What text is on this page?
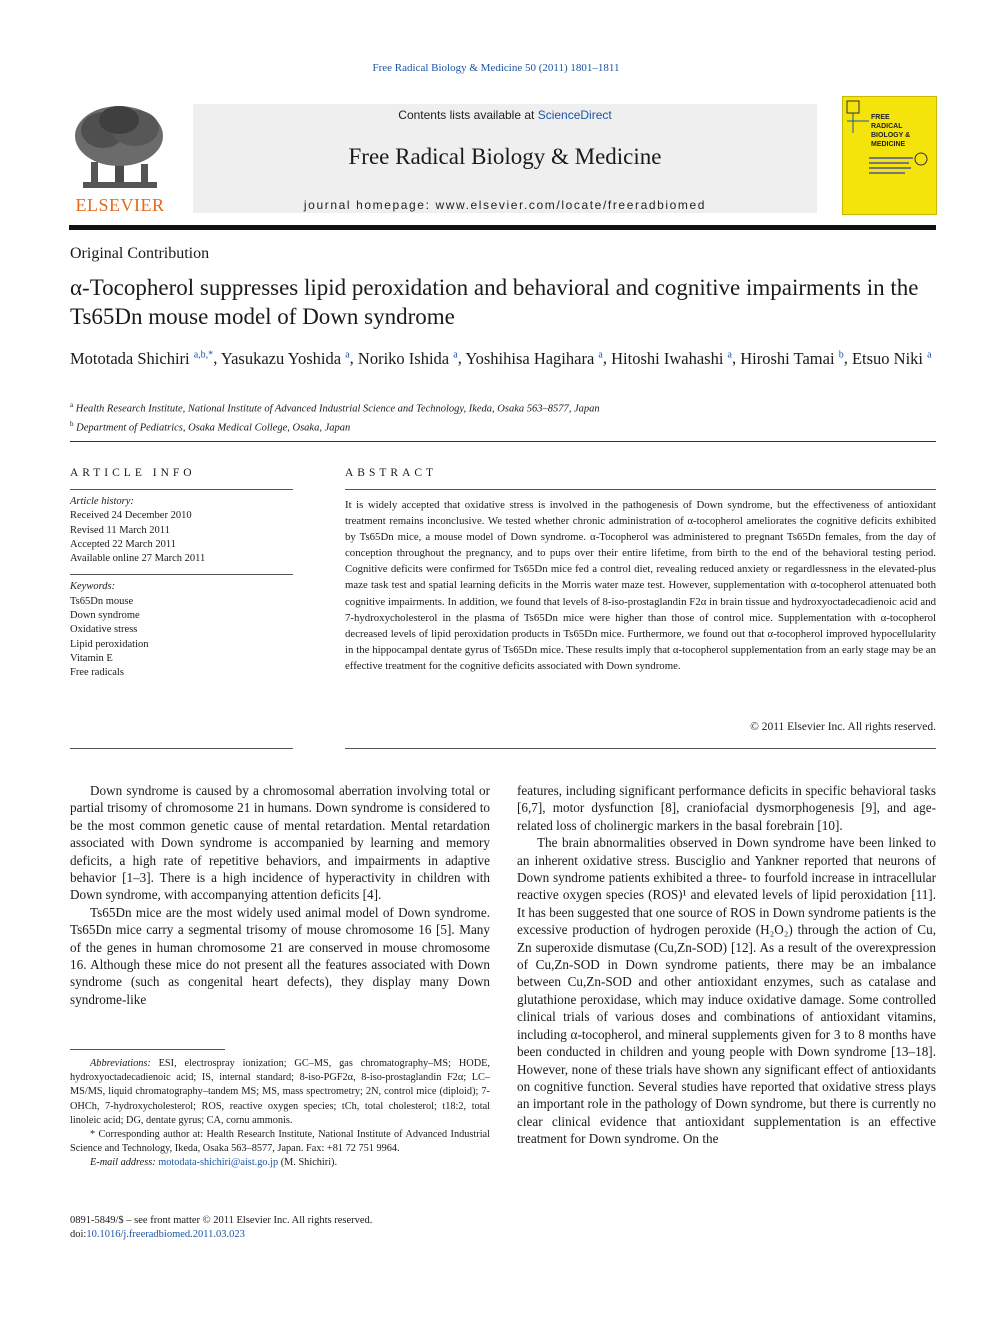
Free Radical Biology & Medicine 50 (2011) 1801–1811
ELSEVIER
Contents lists available at ScienceDirect
Free Radical Biology & Medicine
journal homepage: www.elsevier.com/locate/freeradbiomed
FREE
RADICAL
BIOLOGY &
MEDICINE
Original Contribution
α-Tocopherol suppresses lipid peroxidation and behavioral and cognitive impairments in the Ts65Dn mouse model of Down syndrome
Mototada Shichiri $^{a,b,*}$, Yasukazu Yoshida $^a$, Noriko Ishida $^a$, Yoshihisa Hagihara $^a$, Hitoshi Iwahashi $^a$, Hiroshi Tamai $^b$, Etsuo Niki $^a$
$^a$ Health Research Institute, National Institute of Advanced Industrial Science and Technology, Ikeda, Osaka 563–8577, Japan
$^b$ Department of Pediatrics, Osaka Medical College, Osaka, Japan
ARTICLE INFO
Article history:
Received 24 December 2010
Revised 11 March 2011
Accepted 22 March 2011
Available online 27 March 2011
Keywords:
Ts65Dn mouse
Down syndrome
Oxidative stress
Lipid peroxidation
Vitamin E
Free radicals
ABSTRACT
It is widely accepted that oxidative stress is involved in the pathogenesis of Down syndrome, but the effectiveness of antioxidant treatment remains inconclusive. We tested whether chronic administration of α-tocopherol ameliorates the cognitive deficits exhibited by Ts65Dn mice, a mouse model of Down syndrome. α-Tocopherol was administered to pregnant Ts65Dn females, from the day of conception throughout the pregnancy, and to pups over their entire lifetime, from birth to the end of the behavioral testing period. Cognitive deficits were confirmed for Ts65Dn mice fed a control diet, revealing reduced anxiety or regardlessness in the elevated-plus maze task test and spatial learning deficits in the Morris water maze test. However, supplementation with α-tocopherol attenuated both cognitive impairments. In addition, we found that levels of 8-iso-prostaglandin F2α in brain tissue and hydroxyoctadecadienoic acid and 7-hydroxycholesterol in the plasma of Ts65Dn mice were higher than those of control mice. Supplementation with α-tocopherol decreased levels of lipid peroxidation products in Ts65Dn mice. Furthermore, we found out that α-tocopherol improved hypocellularity in the hippocampal dentate gyrus of Ts65Dn mice. These results imply that α-tocopherol supplementation from an early stage may be an effective treatment for the cognitive deficits associated with Down syndrome.
© 2011 Elsevier Inc. All rights reserved.

Down syndrome is caused by a chromosomal aberration involving total or partial trisomy of chromosome 21 in humans. Down syndrome is considered to be the most common genetic cause of mental retardation. Mental retardation associated with Down syndrome is accompanied by learning and memory deficits, a high rate of repetitive behaviors, and impairments in adaptive behavior [1–3]. There is a high incidence of hyperactivity in children with Down syndrome, with accompanying attention deficits [4].

Ts65Dn mice are the most widely used animal model of Down syndrome. Ts65Dn mice carry a segmental trisomy of mouse chromosome 16 [5]. Many of the genes in human chromosome 21 are conserved in mouse chromosome 16. Although these mice do not present all the features associated with Down syndrome (such as congenital heart defects), they display many Down syndrome-like

features, including significant performance deficits in specific behavioral tasks [6,7], motor dysfunction [8], craniofacial dysmorphogenesis [9], and age-related loss of cholinergic markers in the basal forebrain [10].

The brain abnormalities observed in Down syndrome have been linked to an inherent oxidative stress. Busciglio and Yankner reported that neurons of Down syndrome patients exhibited a three- to fourfold increase in intracellular reactive oxygen species (ROS)¹ and elevated levels of lipid peroxidation [11]. It has been suggested that one source of ROS in Down syndrome patients is the excessive production of hydrogen peroxide (H₂O₂) through the action of Cu, Zn superoxide dismutase (Cu,Zn-SOD) [12]. As a result of the overexpression of Cu,Zn-SOD in Down syndrome patients, there may be an imbalance between Cu,Zn-SOD and other antioxidant enzymes, such as catalase and glutathione peroxidase, which may induce oxidative damage. Some controlled clinical trials of various doses and combinations of antioxidant vitamins, including α-tocopherol, and mineral supplements given for 3 to 8 months have been conducted in children and young people with Down syndrome [13–18]. However, none of these trials have shown any significant effect of antioxidants on cognitive function. Several studies have reported that oxidative stress plays an important role in the pathology of Down syndrome, but there is currently no clear clinical evidence that antioxidant supplementation is an effective treatment for Down syndrome. On the

Abbreviations: ESI, electrospray ionization; GC–MS, gas chromatography–MS; HODE, hydroxyoctadecadienoic acid; IS, internal standard; 8-iso-PGF2α, 8-iso-prostaglandin F2α; LC–MS/MS, liquid chromatography–tandem MS; MS, mass spectrometry; 2N, control mice (diploid); 7-OHCh, 7-hydroxycholesterol; ROS, reactive oxygen species; tCh, total cholesterol; t18:2, total linoleic acid; DG, dentate gyrus; CA, cornu ammonis.

* Corresponding author at: Health Research Institute, National Institute of Advanced Industrial Science and Technology, Ikeda, Osaka 563–8577, Japan. Fax: +81 72 751 9964.

E-mail address: motodata-shichiri@aist.go.jp (M. Shichiri).

0891-5849/$ – see front matter © 2011 Elsevier Inc. All rights reserved.
doi:10.1016/j.freeradbiomed.2011.03.023
